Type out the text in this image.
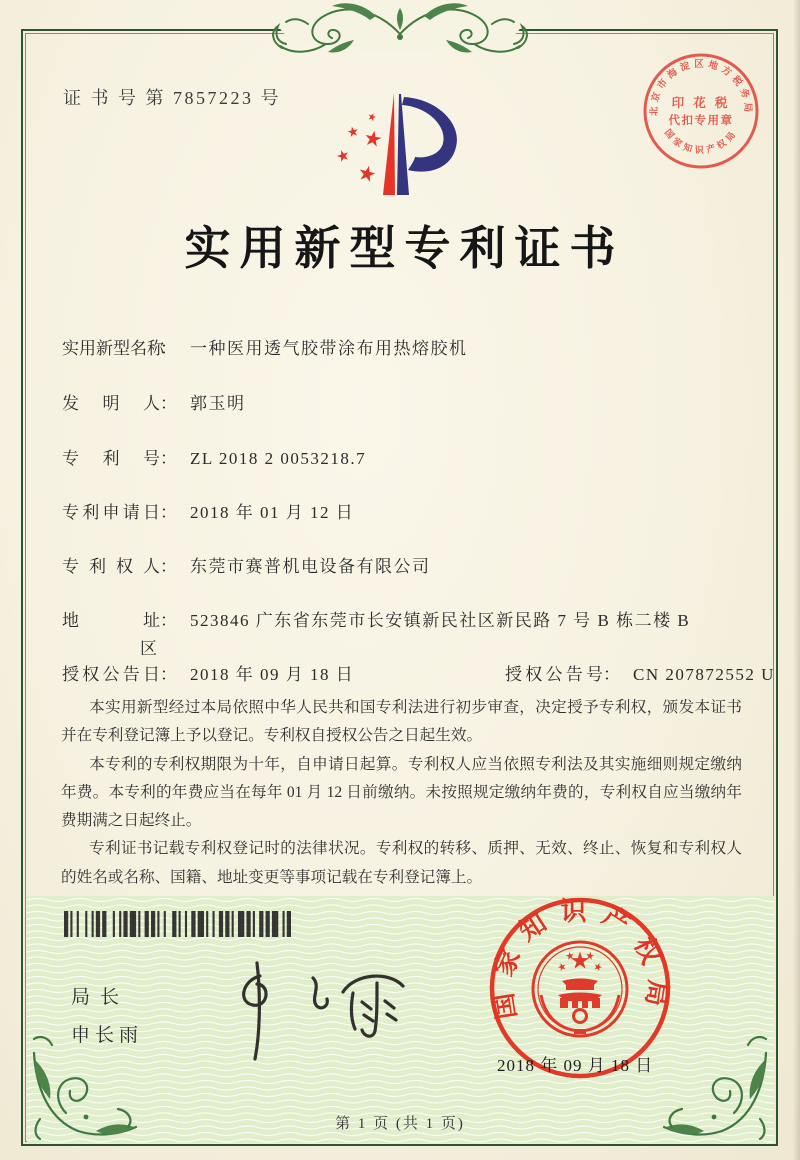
证 书 号 第 7857223 号
北京市海淀区地方税务局
印 花 税
代扣专用章
国家知识产权局
实用新型专利证书
实用新型名称： 一种医用透气胶带涂布用热熔胶机
发明人： 郭玉明
专利号： ZL 2018 2 0053218.7
专利申请日： 2018 年 01 月 12 日
专利权人： 东莞市赛普机电设备有限公司
地址： 523846 广东省东莞市长安镇新民社区新民路 7 号 B 栋二楼 B
区
授权公告日： 2018 年 09 月 18 日	授权公告号： CN 207872552 U

本实用新型经过本局依照中华人民共和国专利法进行初步审查，决定授予专利权，颁发本证书并在专利登记簿上予以登记。专利权自授权公告之日起生效。

本专利的专利权期限为十年，自申请日起算。专利权人应当依照专利法及其实施细则规定缴纳年费。本专利的年费应当在每年 01 月 12 日前缴纳。未按照规定缴纳年费的，专利权自应当缴纳年费期满之日起终止。

专利证书记载专利权登记时的法律状况。专利权的转移、质押、无效、终止、恢复和专利权人的姓名或名称、国籍、地址变更等事项记载在专利登记簿上。

局长
申长雨
国家知识产权局
2018 年 09 月 18 日
第 1 页 (共 1 页)
